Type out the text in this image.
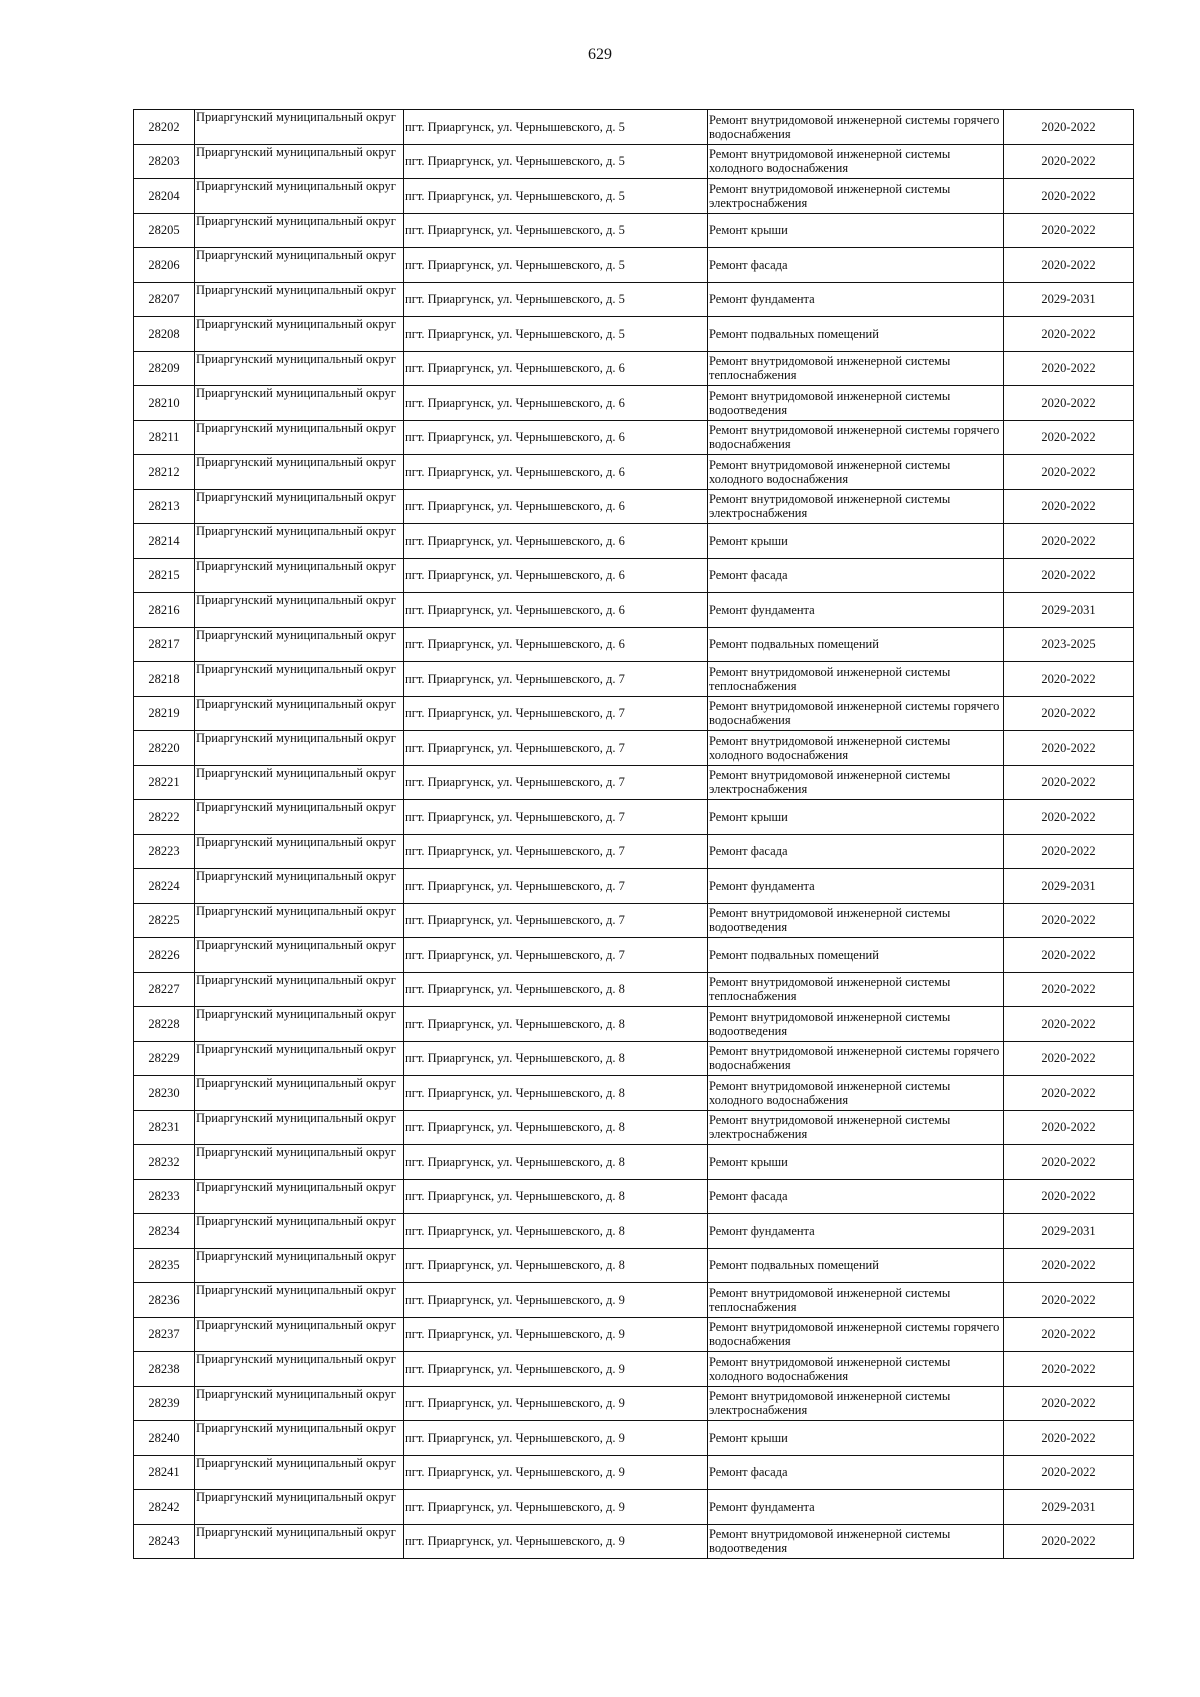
629
28202	Приаргунский муниципальный округ	пгт. Приаргунск, ул. Чернышевского, д. 5	Ремонт внутридомовой инженерной системы горячего водоснабжения	2020-2022
28203	Приаргунский муниципальный округ	пгт. Приаргунск, ул. Чернышевского, д. 5	Ремонт внутридомовой инженерной системы холодного водоснабжения	2020-2022
28204	Приаргунский муниципальный округ	пгт. Приаргунск, ул. Чернышевского, д. 5	Ремонт внутридомовой инженерной системы электроснабжения	2020-2022
28205	Приаргунский муниципальный округ	пгт. Приаргунск, ул. Чернышевского, д. 5	Ремонт крыши	2020-2022
28206	Приаргунский муниципальный округ	пгт. Приаргунск, ул. Чернышевского, д. 5	Ремонт фасада	2020-2022
28207	Приаргунский муниципальный округ	пгт. Приаргунск, ул. Чернышевского, д. 5	Ремонт фундамента	2029-2031
28208	Приаргунский муниципальный округ	пгт. Приаргунск, ул. Чернышевского, д. 5	Ремонт подвальных помещений	2020-2022
28209	Приаргунский муниципальный округ	пгт. Приаргунск, ул. Чернышевского, д. 6	Ремонт внутридомовой инженерной системы теплоснабжения	2020-2022
28210	Приаргунский муниципальный округ	пгт. Приаргунск, ул. Чернышевского, д. 6	Ремонт внутридомовой инженерной системы водоотведения	2020-2022
28211	Приаргунский муниципальный округ	пгт. Приаргунск, ул. Чернышевского, д. 6	Ремонт внутридомовой инженерной системы горячего водоснабжения	2020-2022
28212	Приаргунский муниципальный округ	пгт. Приаргунск, ул. Чернышевского, д. 6	Ремонт внутридомовой инженерной системы холодного водоснабжения	2020-2022
28213	Приаргунский муниципальный округ	пгт. Приаргунск, ул. Чернышевского, д. 6	Ремонт внутридомовой инженерной системы электроснабжения	2020-2022
28214	Приаргунский муниципальный округ	пгт. Приаргунск, ул. Чернышевского, д. 6	Ремонт крыши	2020-2022
28215	Приаргунский муниципальный округ	пгт. Приаргунск, ул. Чернышевского, д. 6	Ремонт фасада	2020-2022
28216	Приаргунский муниципальный округ	пгт. Приаргунск, ул. Чернышевского, д. 6	Ремонт фундамента	2029-2031
28217	Приаргунский муниципальный округ	пгт. Приаргунск, ул. Чернышевского, д. 6	Ремонт подвальных помещений	2023-2025
28218	Приаргунский муниципальный округ	пгт. Приаргунск, ул. Чернышевского, д. 7	Ремонт внутридомовой инженерной системы теплоснабжения	2020-2022
28219	Приаргунский муниципальный округ	пгт. Приаргунск, ул. Чернышевского, д. 7	Ремонт внутридомовой инженерной системы горячего водоснабжения	2020-2022
28220	Приаргунский муниципальный округ	пгт. Приаргунск, ул. Чернышевского, д. 7	Ремонт внутридомовой инженерной системы холодного водоснабжения	2020-2022
28221	Приаргунский муниципальный округ	пгт. Приаргунск, ул. Чернышевского, д. 7	Ремонт внутридомовой инженерной системы электроснабжения	2020-2022
28222	Приаргунский муниципальный округ	пгт. Приаргунск, ул. Чернышевского, д. 7	Ремонт крыши	2020-2022
28223	Приаргунский муниципальный округ	пгт. Приаргунск, ул. Чернышевского, д. 7	Ремонт фасада	2020-2022
28224	Приаргунский муниципальный округ	пгт. Приаргунск, ул. Чернышевского, д. 7	Ремонт фундамента	2029-2031
28225	Приаргунский муниципальный округ	пгт. Приаргунск, ул. Чернышевского, д. 7	Ремонт внутридомовой инженерной системы водоотведения	2020-2022
28226	Приаргунский муниципальный округ	пгт. Приаргунск, ул. Чернышевского, д. 7	Ремонт подвальных помещений	2020-2022
28227	Приаргунский муниципальный округ	пгт. Приаргунск, ул. Чернышевского, д. 8	Ремонт внутридомовой инженерной системы теплоснабжения	2020-2022
28228	Приаргунский муниципальный округ	пгт. Приаргунск, ул. Чернышевского, д. 8	Ремонт внутридомовой инженерной системы водоотведения	2020-2022
28229	Приаргунский муниципальный округ	пгт. Приаргунск, ул. Чернышевского, д. 8	Ремонт внутридомовой инженерной системы горячего водоснабжения	2020-2022
28230	Приаргунский муниципальный округ	пгт. Приаргунск, ул. Чернышевского, д. 8	Ремонт внутридомовой инженерной системы холодного водоснабжения	2020-2022
28231	Приаргунский муниципальный округ	пгт. Приаргунск, ул. Чернышевского, д. 8	Ремонт внутридомовой инженерной системы электроснабжения	2020-2022
28232	Приаргунский муниципальный округ	пгт. Приаргунск, ул. Чернышевского, д. 8	Ремонт крыши	2020-2022
28233	Приаргунский муниципальный округ	пгт. Приаргунск, ул. Чернышевского, д. 8	Ремонт фасада	2020-2022
28234	Приаргунский муниципальный округ	пгт. Приаргунск, ул. Чернышевского, д. 8	Ремонт фундамента	2029-2031
28235	Приаргунский муниципальный округ	пгт. Приаргунск, ул. Чернышевского, д. 8	Ремонт подвальных помещений	2020-2022
28236	Приаргунский муниципальный округ	пгт. Приаргунск, ул. Чернышевского, д. 9	Ремонт внутридомовой инженерной системы теплоснабжения	2020-2022
28237	Приаргунский муниципальный округ	пгт. Приаргунск, ул. Чернышевского, д. 9	Ремонт внутридомовой инженерной системы горячего водоснабжения	2020-2022
28238	Приаргунский муниципальный округ	пгт. Приаргунск, ул. Чернышевского, д. 9	Ремонт внутридомовой инженерной системы холодного водоснабжения	2020-2022
28239	Приаргунский муниципальный округ	пгт. Приаргунск, ул. Чернышевского, д. 9	Ремонт внутридомовой инженерной системы электроснабжения	2020-2022
28240	Приаргунский муниципальный округ	пгт. Приаргунск, ул. Чернышевского, д. 9	Ремонт крыши	2020-2022
28241	Приаргунский муниципальный округ	пгт. Приаргунск, ул. Чернышевского, д. 9	Ремонт фасада	2020-2022
28242	Приаргунский муниципальный округ	пгт. Приаргунск, ул. Чернышевского, д. 9	Ремонт фундамента	2029-2031
28243	Приаргунский муниципальный округ	пгт. Приаргунск, ул. Чернышевского, д. 9	Ремонт внутридомовой инженерной системы водоотведения	2020-2022
